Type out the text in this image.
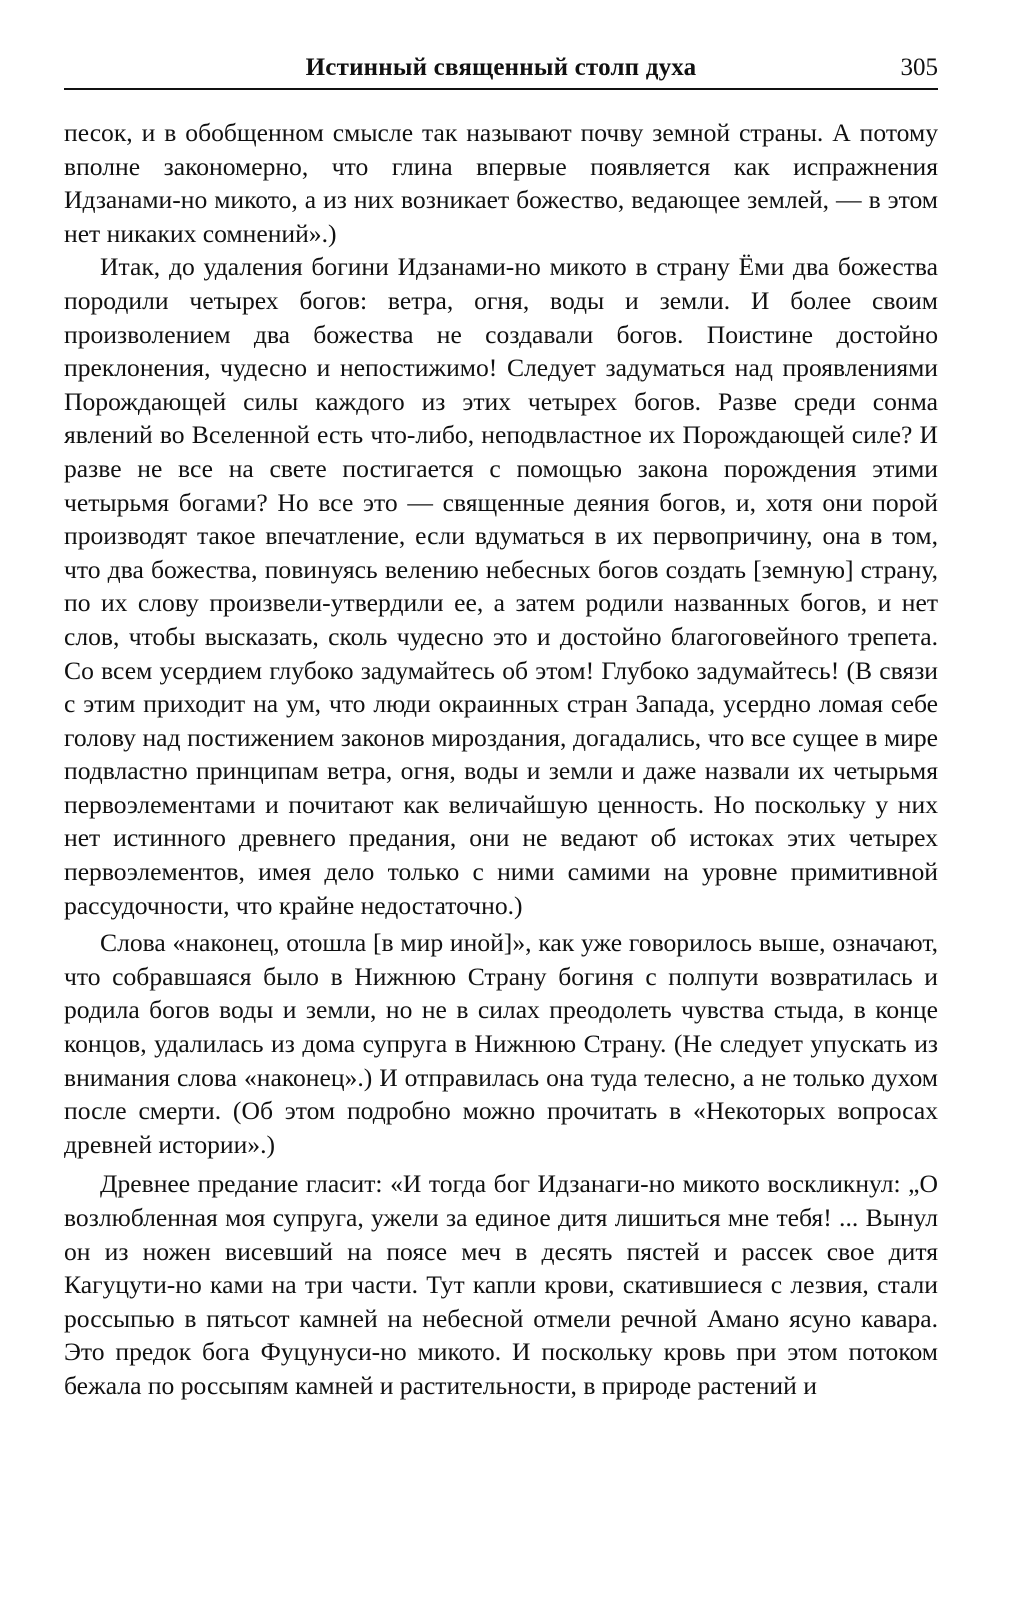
Истинный священный столп духа	305

песок, и в обобщенном смысле так называют почву земной страны. А потому вполне закономерно, что глина впервые появляется как испражнения Идзанами-но микото, а из них возникает божество, ведающее землей, — в этом нет никаких сомнений».)

Итак, до удаления богини Идзанами-но микото в страну Ёми два божества породили четырех богов: ветра, огня, воды и земли. И более своим произволением два божества не создавали богов. Поистине достойно преклонения, чудесно и непостижимо! Следует задуматься над проявлениями Порождающей силы каждого из этих четырех богов. Разве среди сонма явлений во Вселенной есть что-либо, неподвластное их Порождающей силе? И разве не все на свете постигается с помощью закона порождения этими четырьмя богами? Но все это — священные деяния богов, и, хотя они порой производят такое впечатление, если вдуматься в их первопричину, она в том, что два божества, повинуясь велению небесных богов создать [земную] страну, по их слову произвели-утвердили ее, а затем родили названных богов, и нет слов, чтобы высказать, сколь чудесно это и достойно благоговейного трепета. Со всем усердием глубоко задумайтесь об этом! Глубоко задумайтесь! (В связи с этим приходит на ум, что люди окраинных стран Запада, усердно ломая себе голову над постижением законов мироздания, догадались, что все сущее в мире подвластно принципам ветра, огня, воды и земли и даже назвали их четырьмя первоэлементами и почитают как величайшую ценность. Но поскольку у них нет истинного древнего предания, они не ведают об истоках этих четырех первоэлементов, имея дело только с ними самими на уровне примитивной рассудочности, что крайне недостаточно.)

Слова «наконец, отошла [в мир иной]», как уже говорилось выше, означают, что собравшаяся было в Нижнюю Страну богиня с полпути возвратилась и родила богов воды и земли, но не в силах преодолеть чувства стыда, в конце концов, удалилась из дома супруга в Нижнюю Страну. (Не следует упускать из внимания слова «наконец».) И отправилась она туда телесно, а не только духом после смерти. (Об этом подробно можно прочитать в «Некоторых вопросах древней истории».)

Древнее предание гласит: «И тогда бог Идзанаги-но микото воскликнул: „О возлюбленная моя супруга, ужели за единое дитя лишиться мне тебя! ... Вынул он из ножен висевший на поясе меч в десять пястей и рассек свое дитя Кагуцути-но ками на три части. Тут капли крови, скатившиеся с лезвия, стали россыпью в пятьсот камней на небесной отмели речной Амано ясуно кавара. Это предок бога Фуцунуси-но микото. И поскольку кровь при этом потоком бежала по россыпям камней и растительности, в природе растений и
